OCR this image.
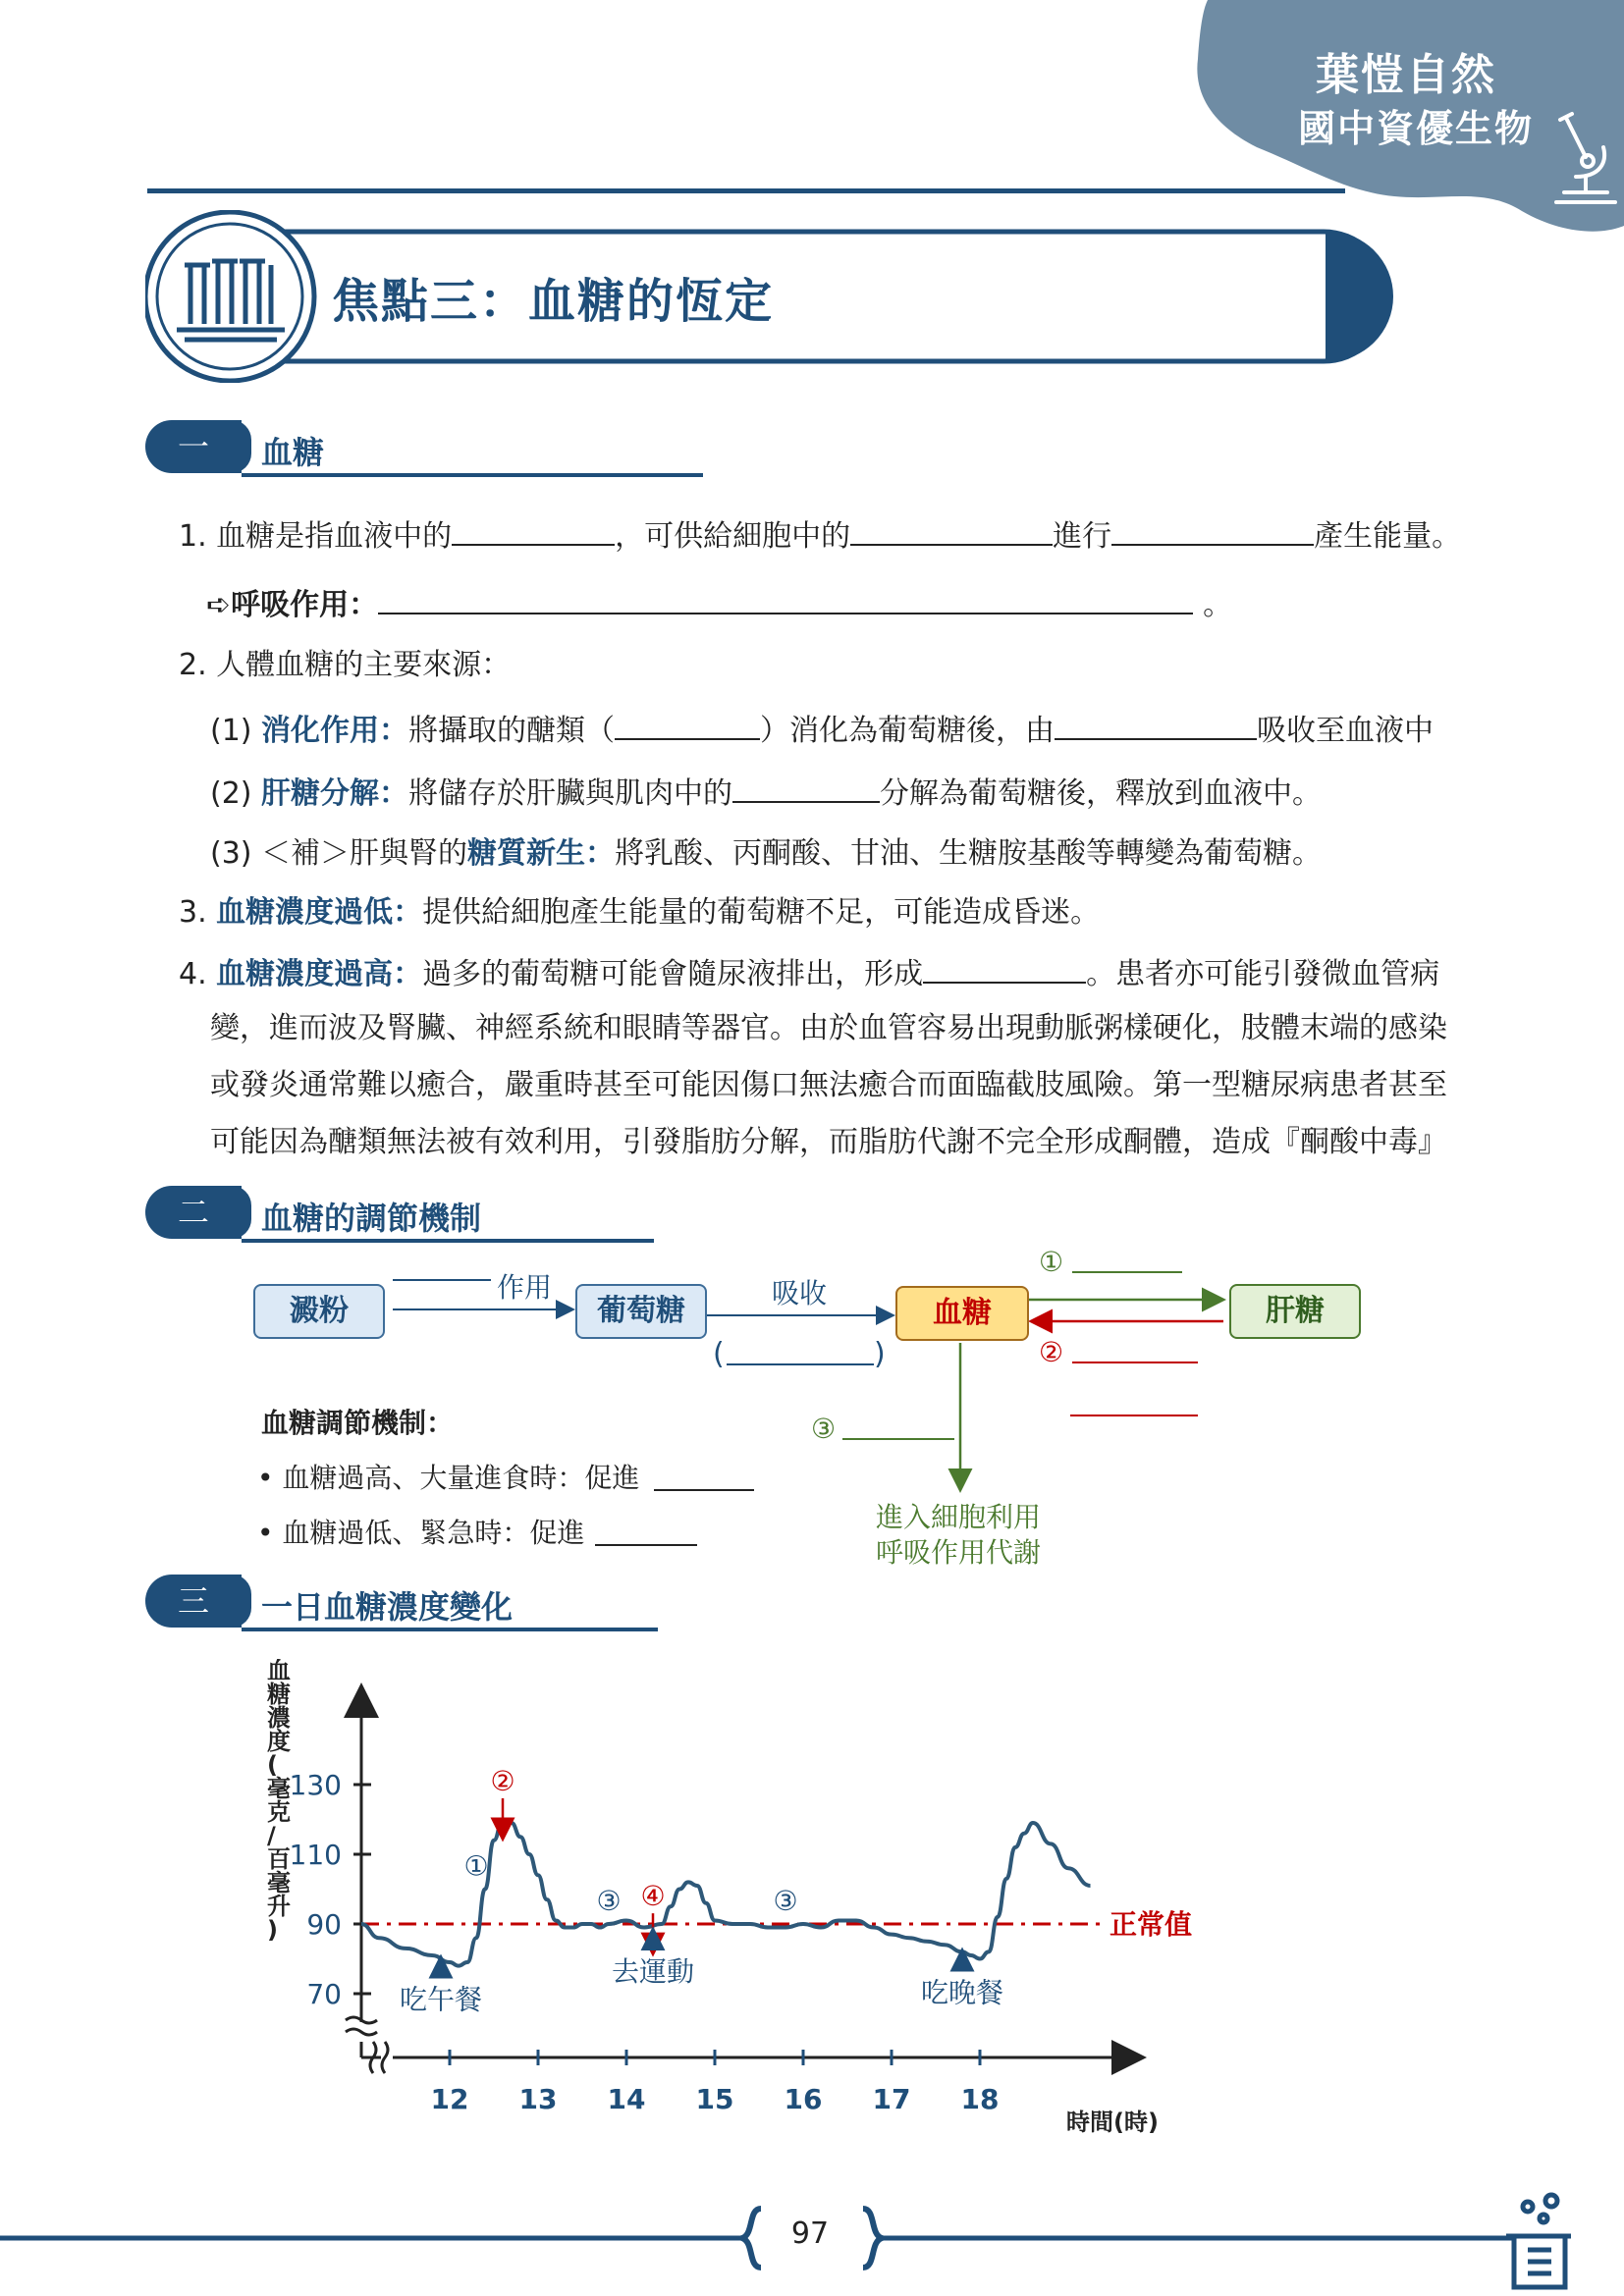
葉愷自然
國中資優生物
焦點三：血糖的恆定
一	血糖
1. 血糖是指血液中的	，可供給細胞中的	進行	產生能量。
➪呼吸作用：	。
2. 人體血糖的主要來源：
(1) 消化作用：將攝取的醣類（	）消化為葡萄糖後，由	吸收至血液中
(2) 肝糖分解：將儲存於肝臟與肌肉中的	分解為葡萄糖後，釋放到血液中。
(3) ＜補＞肝與腎的糖質新生：將乳酸、丙酮酸、甘油、生糖胺基酸等轉變為葡萄糖。
3. 血糖濃度過低：提供給細胞產生能量的葡萄糖不足，可能造成昏迷。
4. 血糖濃度過高：過多的葡萄糖可能會隨尿液排出，形成	。患者亦可能引發微血管病
變，進而波及腎臟、神經系統和眼睛等器官。由於血管容易出現動脈粥樣硬化，肢體末端的感染
或發炎通常難以癒合，嚴重時甚至可能因傷口無法癒合而面臨截肢風險。第一型糖尿病患者甚至
可能因為醣類無法被有效利用，引發脂肪分解，而脂肪代謝不完全形成酮體，造成『酮酸中毒』
二	血糖的調節機制
澱粉	葡萄糖	血糖	肝糖
作用	吸收
(	)
①
②
③
進入細胞利用
呼吸作用代謝
血糖調節機制：
• 血糖過高、大量進食時：促進
• 血糖過低、緊急時：促進
三	一日血糖濃度變化
70
90
110
130
12 13 14 15 16 17 18
時間(時)
正常值
①
②
③ ④	③
吃午餐
去運動
吃晚餐
血糖濃度(毫克/百毫升)
97
